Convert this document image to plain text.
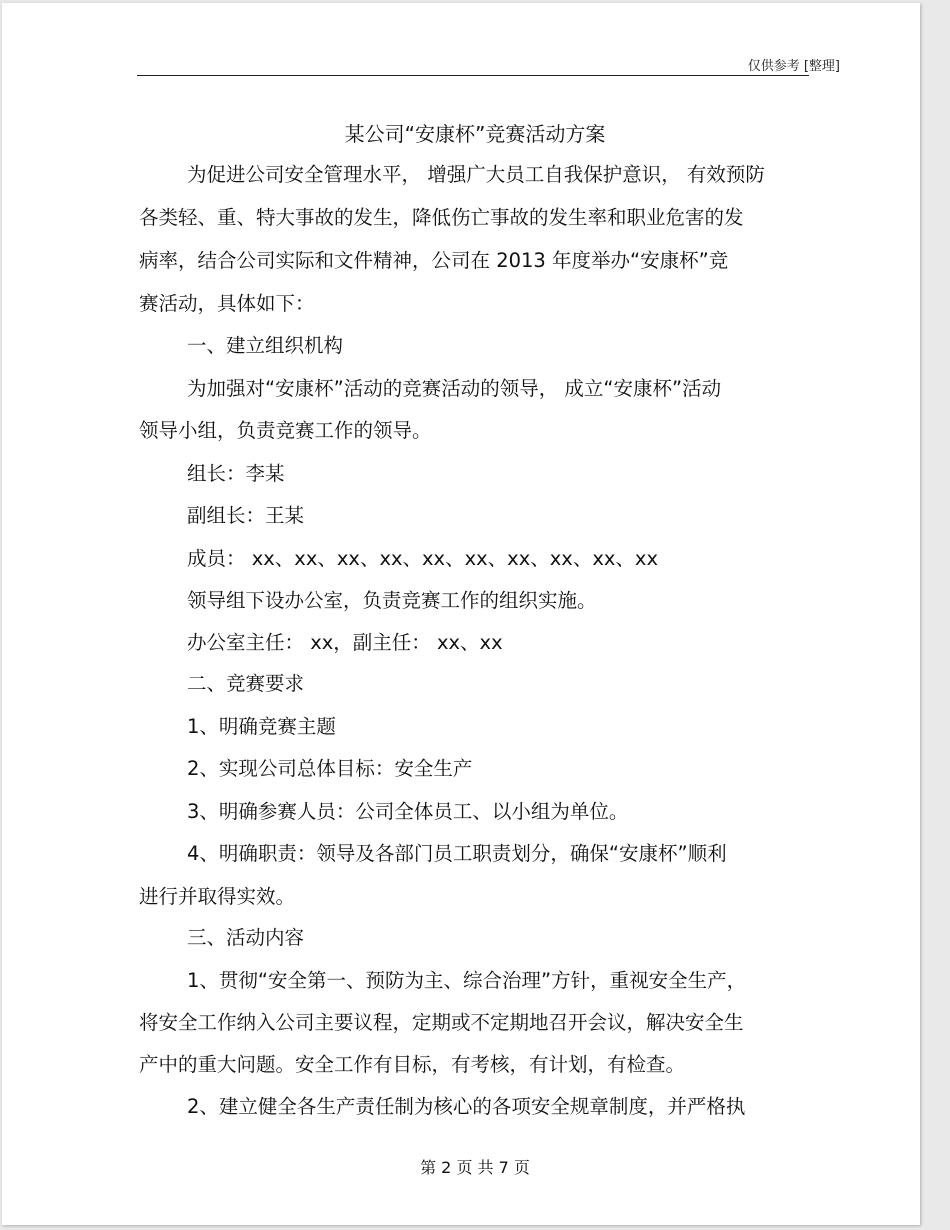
仅供参考 [整理]
某公司“安康杯”竞赛活动方案
为促进公司安全管理水平， 增强广大员工自我保护意识， 有效预防
各类轻、重、特大事故的发生，降低伤亡事故的发生率和职业危害的发
病率，结合公司实际和文件精神，公司在 2013 年度举办“安康杯”竞
赛活动，具体如下：
一、建立组织机构
为加强对“安康杯”活动的竞赛活动的领导， 成立“安康杯”活动
领导小组，负责竞赛工作的领导。
组长：李某
副组长：王某
成员： xx、xx、xx、xx、xx、xx、xx、xx、xx、xx
领导组下设办公室，负责竞赛工作的组织实施。
办公室主任： xx，副主任： xx、xx
二、竞赛要求
1、明确竞赛主题
2、实现公司总体目标：安全生产
3、明确参赛人员：公司全体员工、以小组为单位。
4、明确职责：领导及各部门员工职责划分，确保“安康杯”顺利
进行并取得实效。
三、活动内容
1、贯彻“安全第一、预防为主、综合治理”方针，重视安全生产，
将安全工作纳入公司主要议程，定期或不定期地召开会议，解决安全生
产中的重大问题。安全工作有目标，有考核，有计划，有检查。
2、建立健全各生产责任制为核心的各项安全规章制度，并严格执
第 2 页 共 7 页
